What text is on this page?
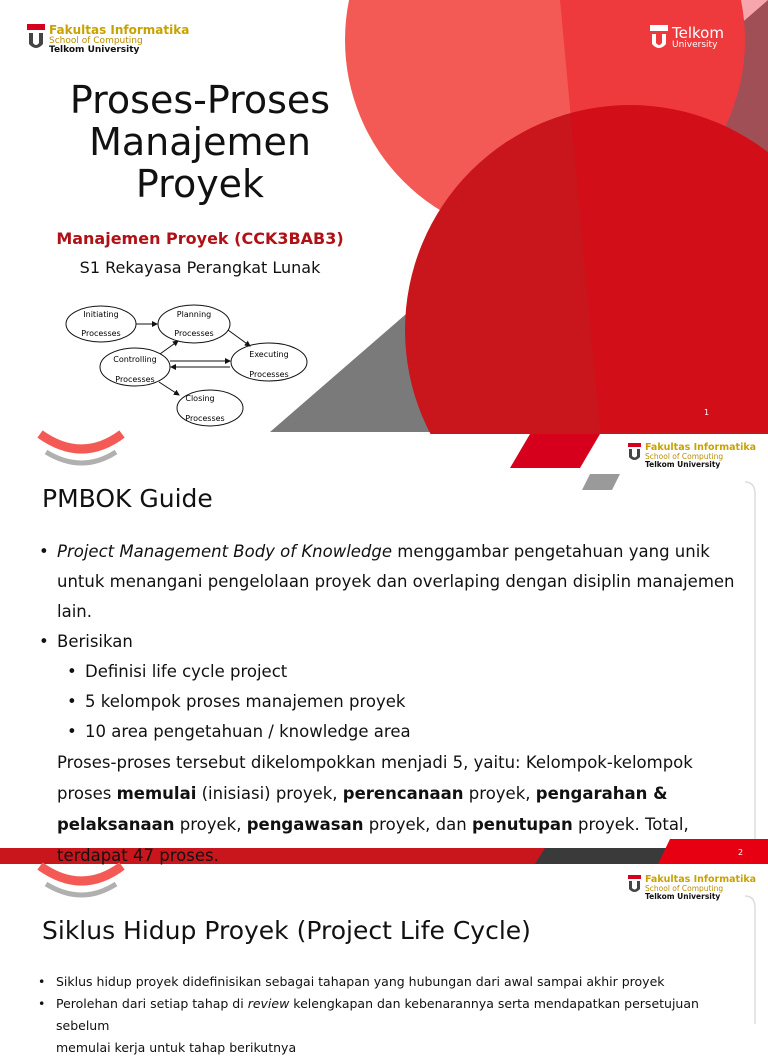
Fakultas Informatika
School of Computing
Telkom University
Telkom
University
Proses-Proses
Manajemen
Proyek
Manajemen Proyek (CCK3BAB3)
S1 Rekayasa Perangkat Lunak
Initiating
Processes
Planning
Processes
Controlling
Processes
Executing
Processes
Closing
Processes
1
Fakultas Informatika
School of Computing
Telkom University
PMBOK Guide
• Project Management Body of Knowledge menggambar pengetahuan yang unik untuk menangani pengelolaan proyek dan overlaping dengan disiplin manajemen lain.
• Berisikan
• Definisi life cycle project
• 5 kelompok proses manajemen proyek
• 10 area pengetahuan / knowledge area
Proses-proses tersebut dikelompokkan menjadi 5, yaitu: Kelompok-kelompok proses memulai (inisiasi) proyek, perencanaan proyek, pengarahan & pelaksanaan proyek, pengawasan proyek, dan penutupan proyek. Total, terdapat 47 proses.	2
Fakultas Informatika
School of Computing
Telkom University
Siklus Hidup Proyek (Project Life Cycle)
• Siklus hidup proyek didefinisikan sebagai tahapan yang hubungan dari awal sampai akhir proyek
• Perolehan dari setiap tahap di review kelengkapan dan kebenarannya serta mendapatkan persetujuan sebelum
memulai kerja untuk tahap berikutnya
